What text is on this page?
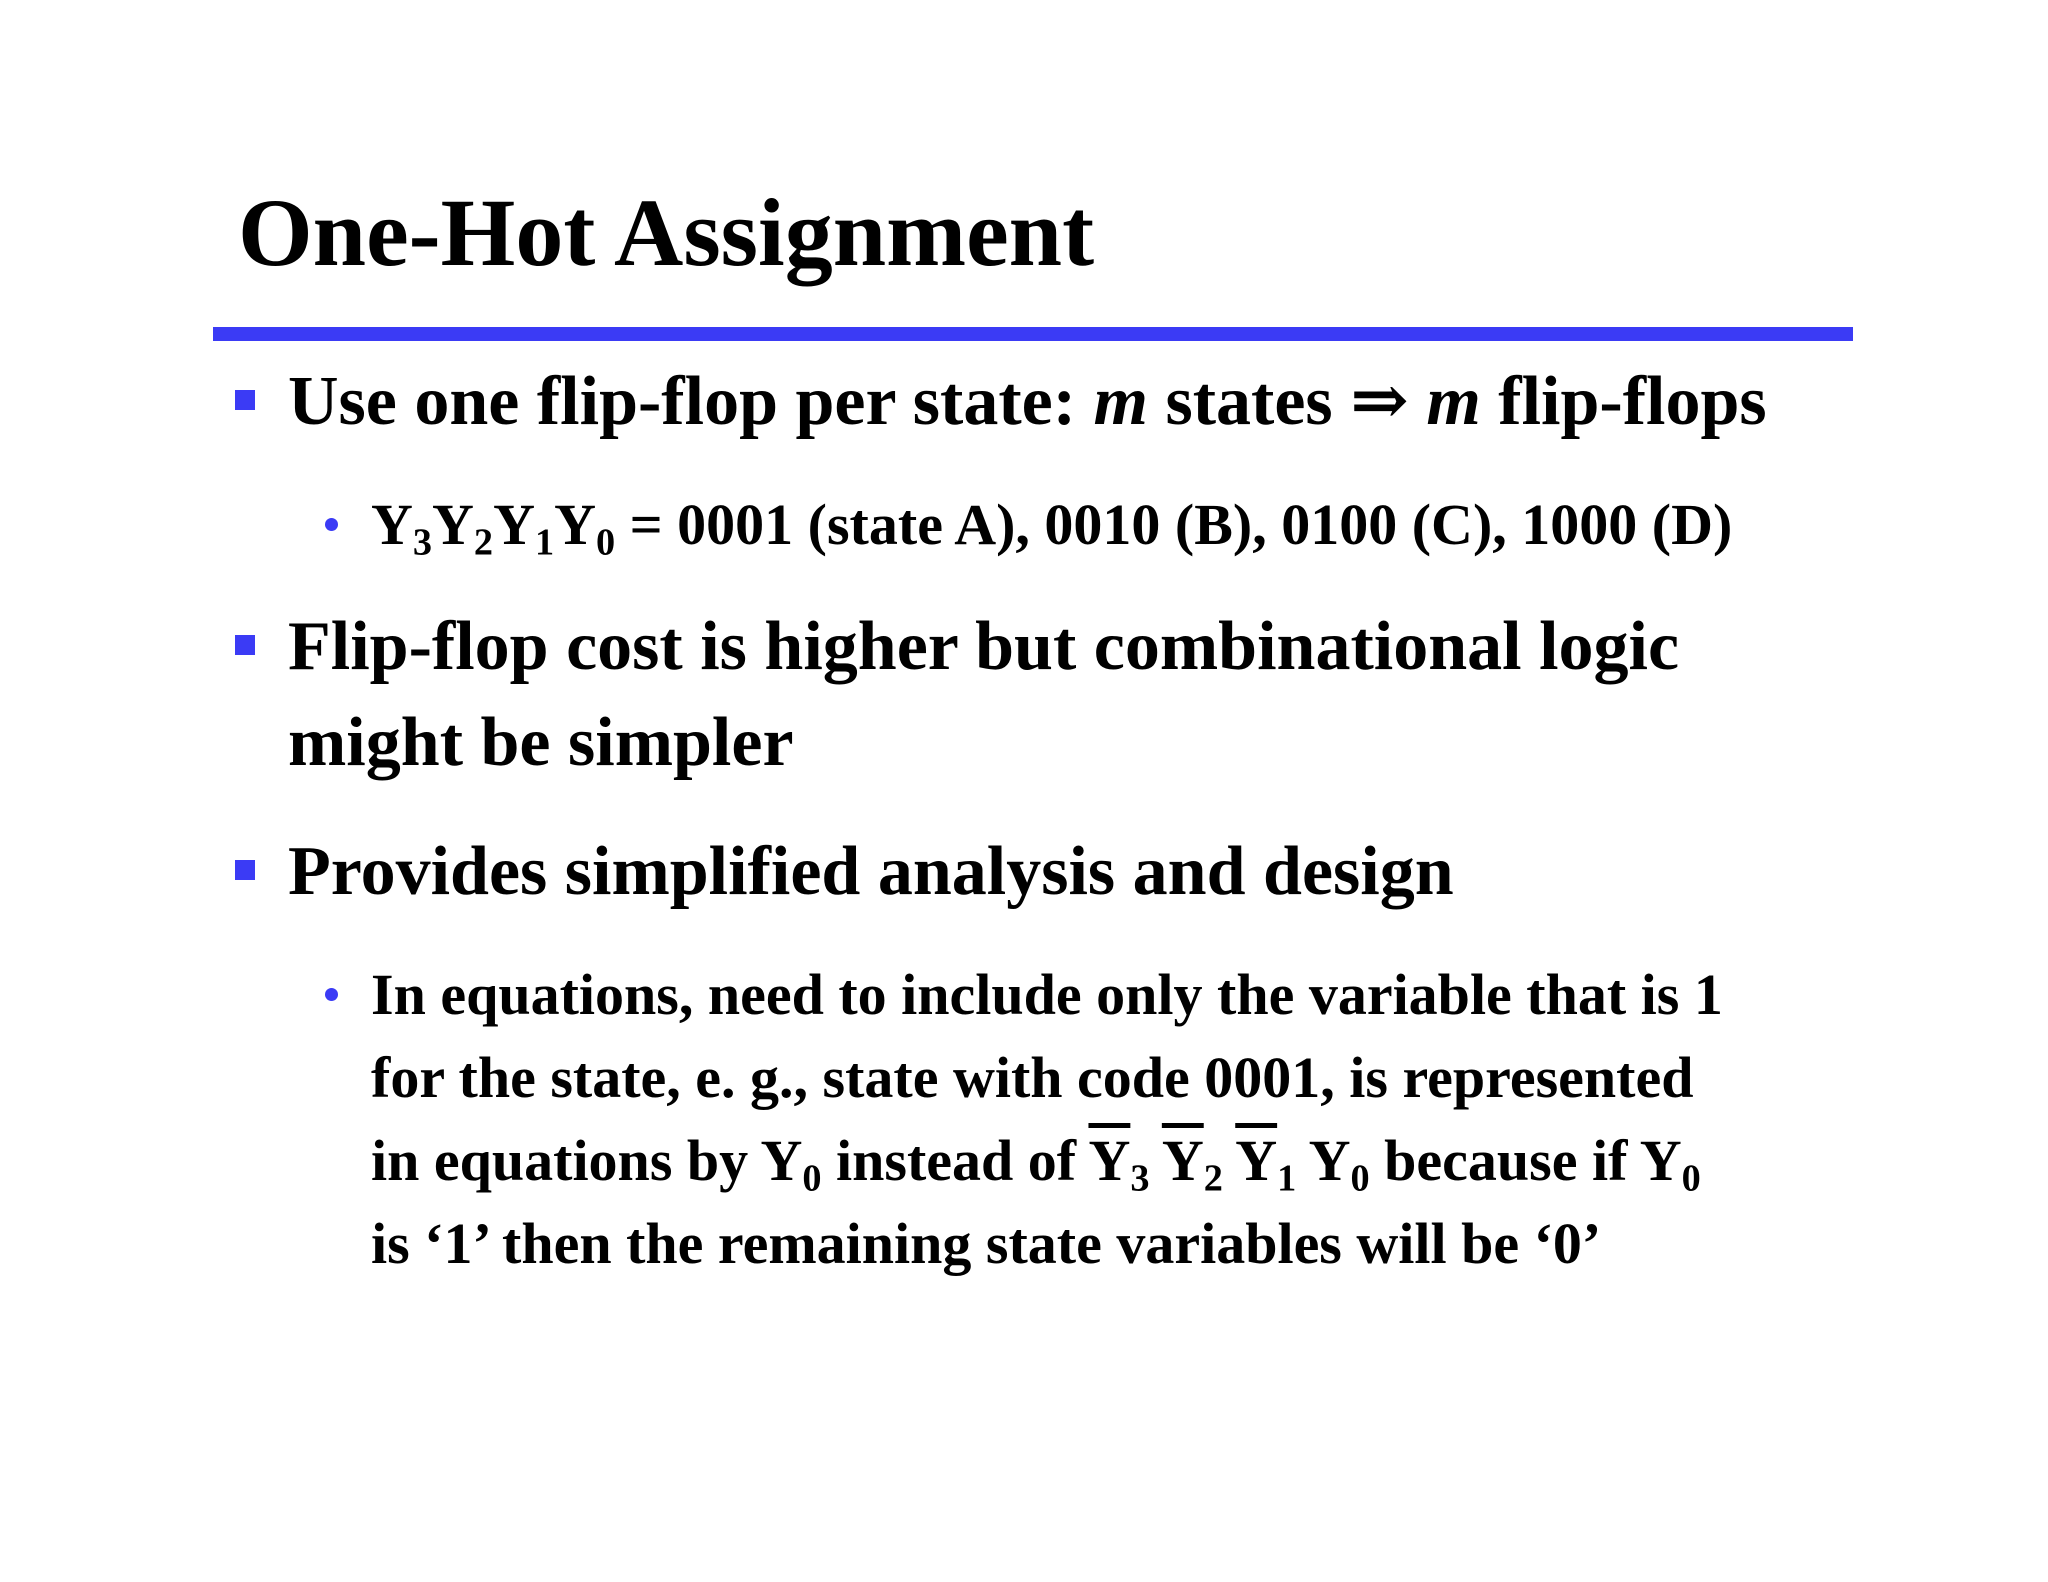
One-Hot Assignment
Use one flip-flop per state: m states ⇒ m flip-flops
$Y_3Y_2Y_1Y_0 = 0001$ (state A), 0010 (B), 0100 (C), 1000 (D)
Flip-flop cost is higher but combinational logic
might be simpler
Provides simplified analysis and design
In equations, need to include only the variable that is 1
for the state, e. g., state with code 0001, is represented
in equations by $Y_0$ instead of $\overline{Y}_3$ $\overline{Y}_2$ $\overline{Y}_1$ $Y_0$ because if $Y_0$
is ‘1’ then the remaining state variables will be ‘0’
